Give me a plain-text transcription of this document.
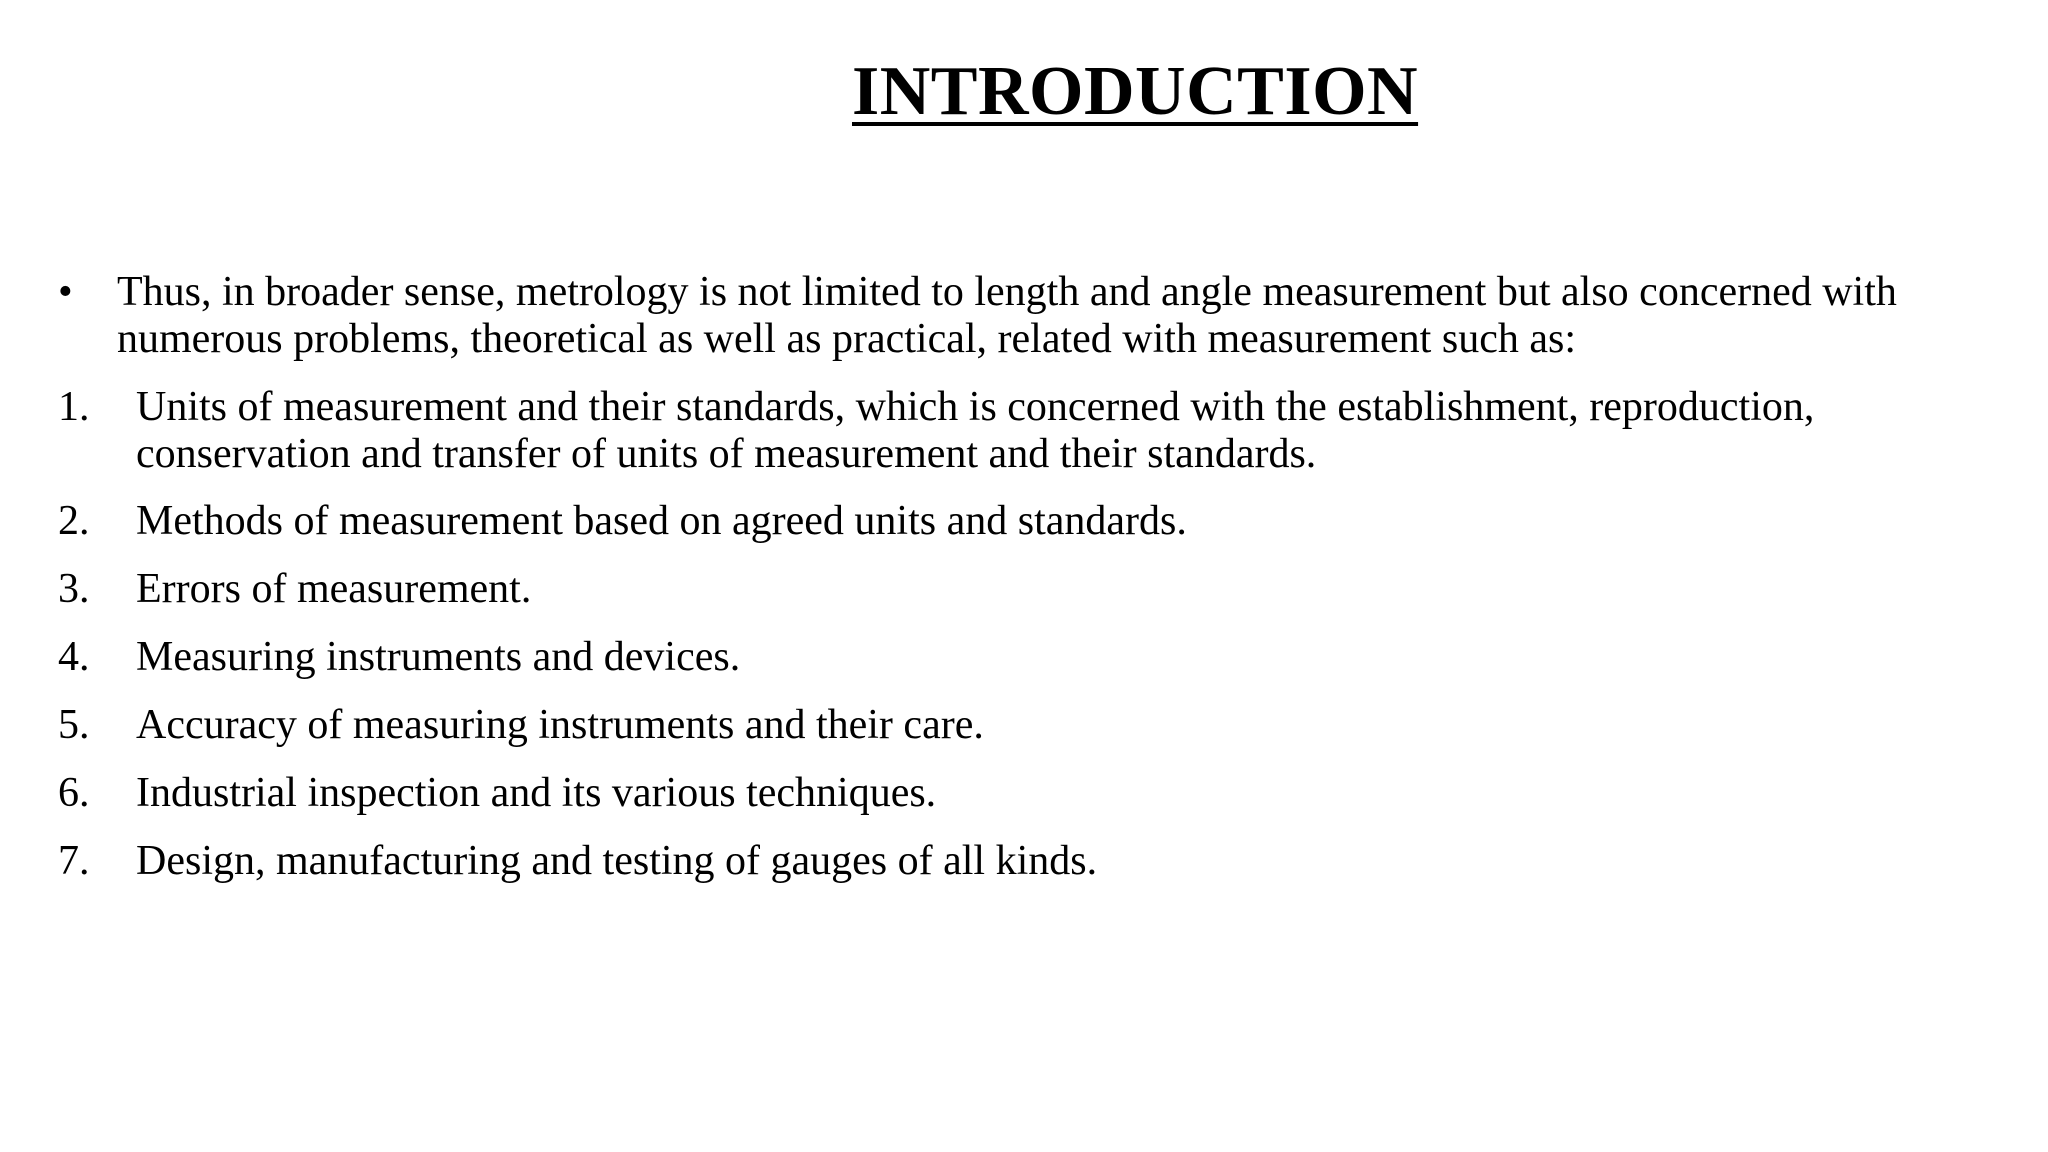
INTRODUCTION
• Thus, in broader sense, metrology is not limited to length and angle measurement but also concerned with numerous problems, theoretical as well as practical, related with measurement such as:
1. Units of measurement and their standards, which is concerned with the establishment, reproduction, conservation and transfer of units of measurement and their standards.
2. Methods of measurement based on agreed units and standards.
3. Errors of measurement.
4. Measuring instruments and devices.
5. Accuracy of measuring instruments and their care.
6. Industrial inspection and its various techniques.
7. Design, manufacturing and testing of gauges of all kinds.
